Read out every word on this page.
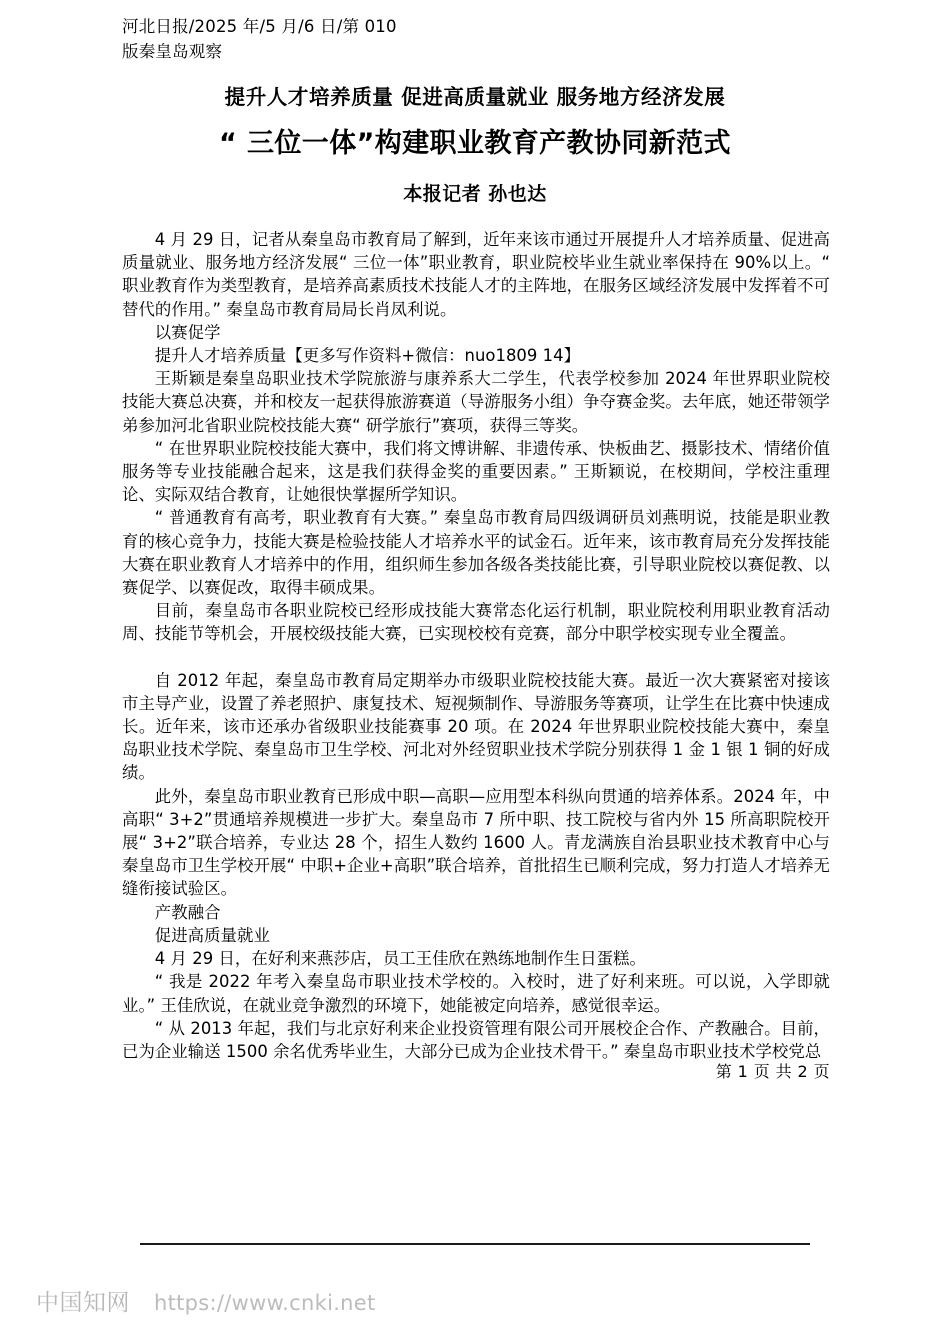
河北日报/2025 年/5 月/6 日/第 010
版秦皇岛观察
提升人才培养质量 促进高质量就业 服务地方经济发展
“ 三位一体”构建职业教育产教协同新范式
本报记者 孙也达

4 月 29 日，记者从秦皇岛市教育局了解到，近年来该市通过开展提升人才培养质量、促进高质量就业、服务地方经济发展“ 三位一体”职业教育，职业院校毕业生就业率保持在 90%以上。“ 职业教育作为类型教育，是培养高素质技术技能人才的主阵地，在服务区域经济发展中发挥着不可替代的作用。” 秦皇岛市教育局局长肖凤利说。

以赛促学

提升人才培养质量【更多写作资料+微信：nuo1809 14】

王斯颖是秦皇岛职业技术学院旅游与康养系大二学生，代表学校参加 2024 年世界职业院校技能大赛总决赛，并和校友一起获得旅游赛道（导游服务小组）争夺赛金奖。去年底，她还带领学弟参加河北省职业院校技能大赛“ 研学旅行”赛项，获得三等奖。

“ 在世界职业院校技能大赛中，我们将文博讲解、非遗传承、快板曲艺、摄影技术、情绪价值服务等专业技能融合起来，这是我们获得金奖的重要因素。” 王斯颖说，在校期间，学校注重理论、实际双结合教育，让她很快掌握所学知识。

“ 普通教育有高考，职业教育有大赛。” 秦皇岛市教育局四级调研员刘燕明说，技能是职业教育的核心竞争力，技能大赛是检验技能人才培养水平的试金石。近年来，该市教育局充分发挥技能大赛在职业教育人才培养中的作用，组织师生参加各级各类技能比赛，引导职业院校以赛促教、以赛促学、以赛促改，取得丰硕成果。

目前，秦皇岛市各职业院校已经形成技能大赛常态化运行机制，职业院校利用职业教育活动周、技能节等机会，开展校级技能大赛，已实现校校有竞赛，部分中职学校实现专业全覆盖。

自 2012 年起，秦皇岛市教育局定期举办市级职业院校技能大赛。最近一次大赛紧密对接该市主导产业，设置了养老照护、康复技术、短视频制作、导游服务等赛项，让学生在比赛中快速成长。近年来，该市还承办省级职业技能赛事 20 项。在 2024 年世界职业院校技能大赛中，秦皇岛职业技术学院、秦皇岛市卫生学校、河北对外经贸职业技术学院分别获得 1 金 1 银 1 铜的好成绩。

此外，秦皇岛市职业教育已形成中职—高职—应用型本科纵向贯通的培养体系。2024 年，中高职“ 3+2”贯通培养规模进一步扩大。秦皇岛市 7 所中职、技工院校与省内外 15 所高职院校开展“ 3+2”联合培养，专业达 28 个，招生人数约 1600 人。青龙满族自治县职业技术教育中心与秦皇岛市卫生学校开展“ 中职+企业+高职”联合培养，首批招生已顺利完成，努力打造人才培养无缝衔接试验区。

产教融合

促进高质量就业

4 月 29 日，在好利来燕莎店，员工王佳欣在熟练地制作生日蛋糕。

“ 我是 2022 年考入秦皇岛市职业技术学校的。入校时，进了好利来班。可以说，入学即就业。” 王佳欣说，在就业竞争激烈的环境下，她能被定向培养，感觉很幸运。

“ 从 2013 年起，我们与北京好利来企业投资管理有限公司开展校企合作、产教融合。目前，已为企业输送 1500 余名优秀毕业生，大部分已成为企业技术骨干。” 秦皇岛市职业技术学校党总

第 1 页 共 2 页
中国知网 https://www.cnki.net
